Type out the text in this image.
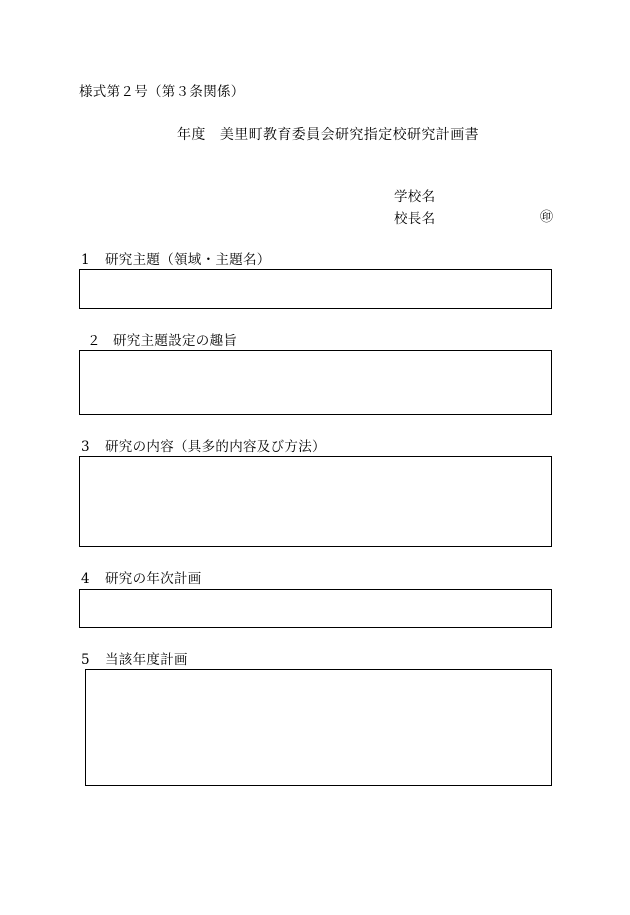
様式第２号（第３条関係）
年度 美里町教育委員会研究指定校研究計画書
学校名
校長名	㊞
1 研究主題（領域・主題名）
２ 研究主題設定の趣旨
3 研究の内容（具多的内容及び方法）
4 研究の年次計画
5 当該年度計画
